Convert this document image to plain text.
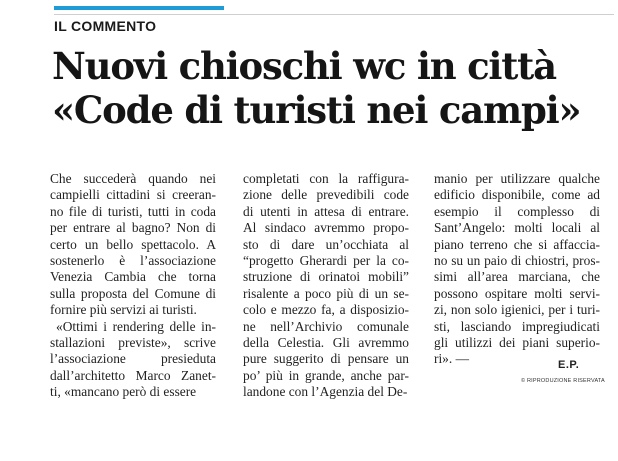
IL COMMENTO
Nuovi chioschi wc in città
«Code di turisti nei campi»
Che succederà quando nei
campielli cittadini si creeran-
no file di turisti, tutti in coda
per entrare al bagno? Non di
certo un bello spettacolo. A
sostenerlo è l’associazione
Venezia Cambia che torna
sulla proposta del Comune di
fornire più servizi ai turisti.
«Ottimi i rendering delle in-
stallazioni previste», scrive
l’associazione presieduta
dall’architetto Marco Zanet-
ti, «mancano però di essere
completati con la raffigura-
zione delle prevedibili code
di utenti in attesa di entrare.
Al sindaco avremmo propo-
sto di dare un’occhiata al
“progetto Gherardi per la co-
struzione di orinatoi mobili”
risalente a poco più di un se-
colo e mezzo fa, a disposizio-
ne nell’Archivio comunale
della Celestia. Gli avremmo
pure suggerito di pensare un
po’ più in grande, anche par-
landone con l’Agenzia del De-
manio per utilizzare qualche
edificio disponibile, come ad
esempio il complesso di
Sant’Angelo: molti locali al
piano terreno che si affaccia-
no su un paio di chiostri, pros-
simi all’area marciana, che
possono ospitare molti servi-
zi, non solo igienici, per i turi-
sti, lasciando impregiudicati
gli utilizzi dei piani superio-
ri». —	E.P.
© RIPRODUZIONE RISERVATA
